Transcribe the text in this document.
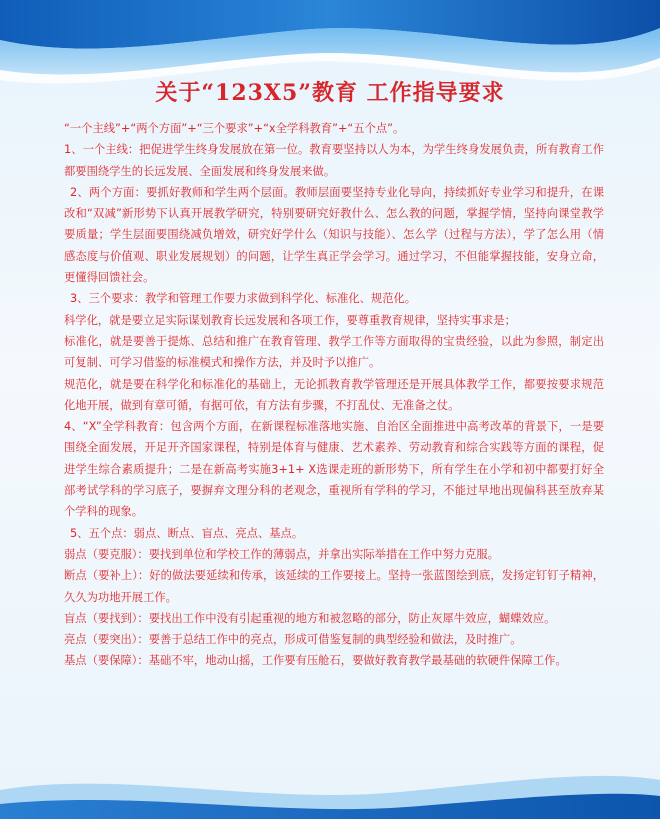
关于“123X5”教育 工作指导要求

“一个主线”+“两个方面”+“三个要求”+“x全学科教育”+“五个点”。

1、一个主线：把促进学生终身发展放在第一位。教育要坚持以人为本，为学生终身发展负责，所有教育工作都要围绕学生的长远发展、全面发展和终身发展来做。

2、两个方面：要抓好教师和学生两个层面。教师层面要坚持专业化导向，持续抓好专业学习和提升，在课改和“双减”新形势下认真开展教学研究，特别要研究好教什么、怎么教的问题，掌握学情，坚持向课堂教学要质量；学生层面要围绕减负增效，研究好学什么（知识与技能）、怎么学（过程与方法），学了怎么用（情感态度与价值观、职业发展规划）的问题，让学生真正学会学习。通过学习，不但能掌握技能，安身立命，更懂得回馈社会。

3、三个要求：教学和管理工作要力求做到科学化、标准化、规范化。

科学化，就是要立足实际谋划教育长远发展和各项工作，要尊重教育规律，坚持实事求是；

标准化，就是要善于提炼、总结和推广在教育管理、教学工作等方面取得的宝贵经验，以此为参照，制定出可复制、可学习借鉴的标准模式和操作方法，并及时予以推广。

规范化，就是要在科学化和标准化的基础上，无论抓教育教学管理还是开展具体教学工作，都要按要求规范化地开展，做到有章可循，有据可依，有方法有步骤，不打乱仗、无准备之仗。

4、“X”全学科教育：包含两个方面，在新课程标准落地实施、自治区全面推进中高考改革的背景下，一是要围绕全面发展，开足开齐国家课程，特别是体育与健康、艺术素养、劳动教育和综合实践等方面的课程，促进学生综合素质提升；二是在新高考实施3+1+ X选课走班的新形势下，所有学生在小学和初中都要打好全部考试学科的学习底子，要摒弃文理分科的老观念，重视所有学科的学习，不能过早地出现偏科甚至放弃某个学科的现象。

5、五个点：弱点、断点、盲点、亮点、基点。

弱点（要克服）：要找到单位和学校工作的薄弱点，并拿出实际举措在工作中努力克服。

断点（要补上）：好的做法要延续和传承，该延续的工作要接上。坚持一张蓝图绘到底，发扬定钉钉子精神，久久为功地开展工作。

盲点（要找到）：要找出工作中没有引起重视的地方和被忽略的部分，防止灰犀牛效应，蝴蝶效应。

亮点（要突出）：要善于总结工作中的亮点，形成可借鉴复制的典型经验和做法，及时推广。

基点（要保障）：基础不牢，地动山摇，工作要有压舱石，要做好教育教学最基础的软硬件保障工作。
